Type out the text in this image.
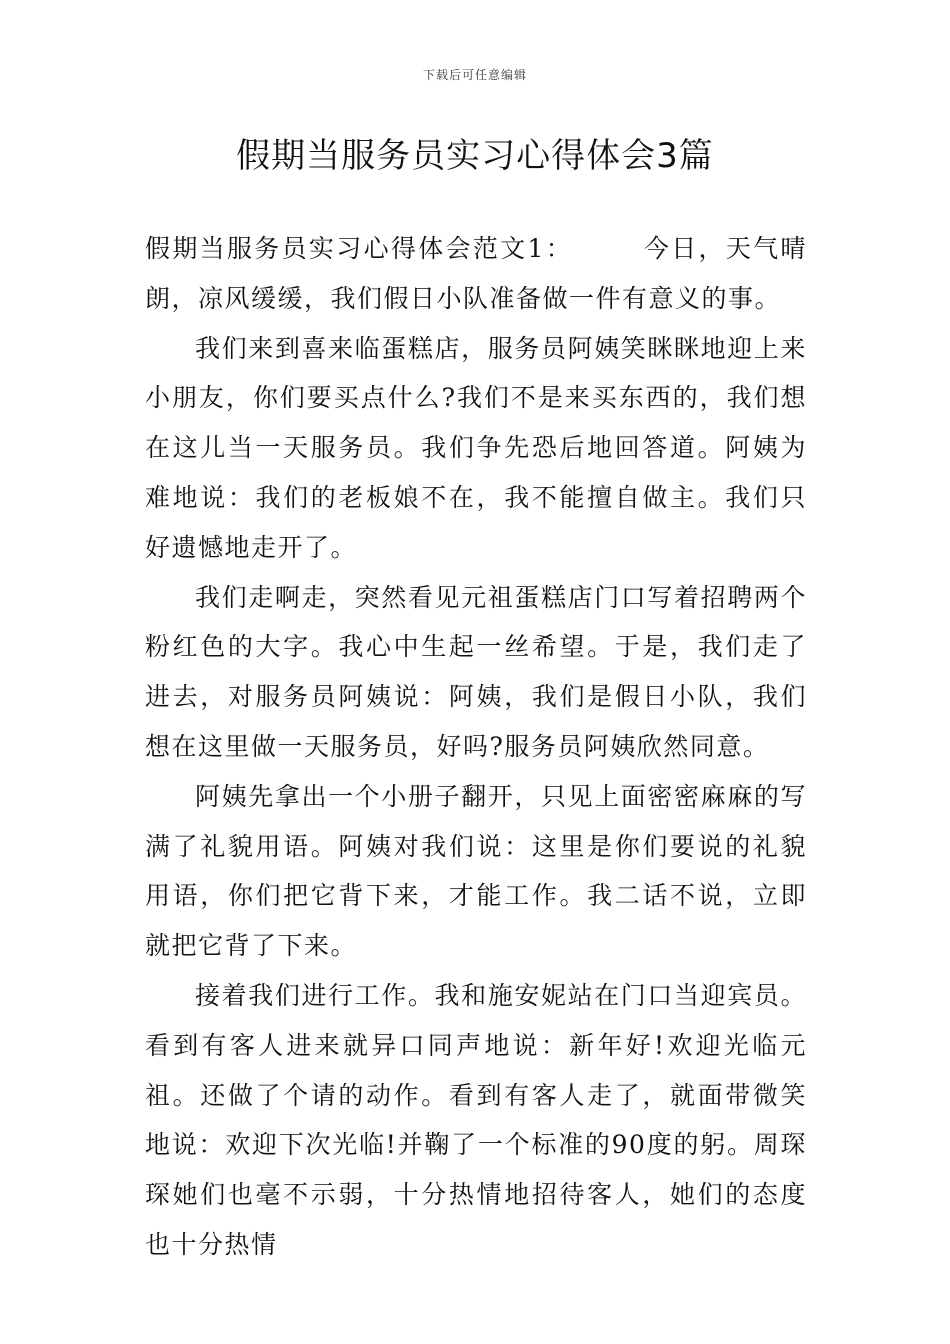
下载后可任意编辑
假期当服务员实习心得体会3篇

假期当服务员实习心得体会范文1：	今日，天气晴朗，凉风缓缓，我们假日小队准备做一件有意义的事。

我们来到喜来临蛋糕店，服务员阿姨笑眯眯地迎上来小朋友，你们要买点什么?我们不是来买东西的，我们想在这儿当一天服务员。我们争先恐后地回答道。阿姨为难地说：我们的老板娘不在，我不能擅自做主。我们只好遗憾地走开了。

我们走啊走，突然看见元祖蛋糕店门口写着招聘两个粉红色的大字。我心中生起一丝希望。于是，我们走了进去，对服务员阿姨说：阿姨，我们是假日小队，我们想在这里做一天服务员，好吗?服务员阿姨欣然同意。

阿姨先拿出一个小册子翻开，只见上面密密麻麻的写满了礼貌用语。阿姨对我们说：这里是你们要说的礼貌用语，你们把它背下来，才能工作。我二话不说，立即就把它背了下来。

接着我们进行工作。我和施安妮站在门口当迎宾员。看到有客人进来就异口同声地说：新年好!欢迎光临元祖。还做了个请的动作。看到有客人走了，就面带微笑地说：欢迎下次光临!并鞠了一个标准的90度的躬。周琛琛她们也毫不示弱，十分热情地招待客人，她们的态度也十分热情
